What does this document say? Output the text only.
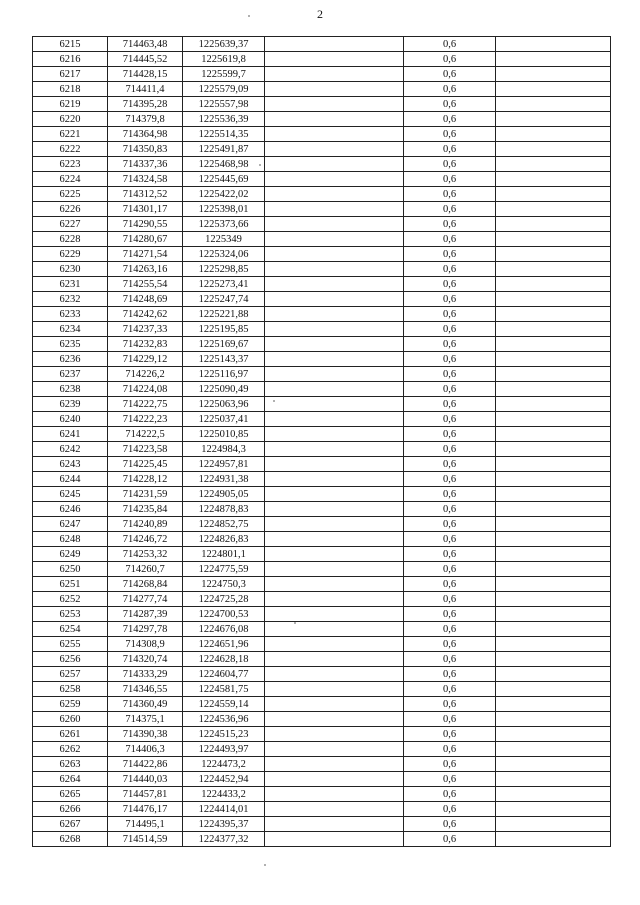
2
6215	714463,48	1225639,37		0,6	
6216	714445,52	1225619,8		0,6	
6217	714428,15	1225599,7		0,6	
6218	714411,4	1225579,09		0,6	
6219	714395,28	1225557,98		0,6	
6220	714379,8	1225536,39		0,6	
6221	714364,98	1225514,35		0,6	
6222	714350,83	1225491,87		0,6	
6223	714337,36	1225468,98		0,6	
6224	714324,58	1225445,69		0,6	
6225	714312,52	1225422,02		0,6	
6226	714301,17	1225398,01		0,6	
6227	714290,55	1225373,66		0,6	
6228	714280,67	1225349		0,6	
6229	714271,54	1225324,06		0,6	
6230	714263,16	1225298,85		0,6	
6231	714255,54	1225273,41		0,6	
6232	714248,69	1225247,74		0,6	
6233	714242,62	1225221,88		0,6	
6234	714237,33	1225195,85		0,6	
6235	714232,83	1225169,67		0,6	
6236	714229,12	1225143,37		0,6	
6237	714226,2	1225116,97		0,6	
6238	714224,08	1225090,49		0,6	
6239	714222,75	1225063,96		0,6	
6240	714222,23	1225037,41		0,6	
6241	714222,5	1225010,85		0,6	
6242	714223,58	1224984,3		0,6	
6243	714225,45	1224957,81		0,6	
6244	714228,12	1224931,38		0,6	
6245	714231,59	1224905,05		0,6	
6246	714235,84	1224878,83		0,6	
6247	714240,89	1224852,75		0,6	
6248	714246,72	1224826,83		0,6	
6249	714253,32	1224801,1		0,6	
6250	714260,7	1224775,59		0,6	
6251	714268,84	1224750,3		0,6	
6252	714277,74	1224725,28		0,6	
6253	714287,39	1224700,53		0,6	
6254	714297,78	1224676,08		0,6	
6255	714308,9	1224651,96		0,6	
6256	714320,74	1224628,18		0,6	
6257	714333,29	1224604,77		0,6	
6258	714346,55	1224581,75		0,6	
6259	714360,49	1224559,14		0,6	
6260	714375,1	1224536,96		0,6	
6261	714390,38	1224515,23		0,6	
6262	714406,3	1224493,97		0,6	
6263	714422,86	1224473,2		0,6	
6264	714440,03	1224452,94		0,6	
6265	714457,81	1224433,2		0,6	
6266	714476,17	1224414,01		0,6	
6267	714495,1	1224395,37		0,6	
6268	714514,59	1224377,32		0,6	
